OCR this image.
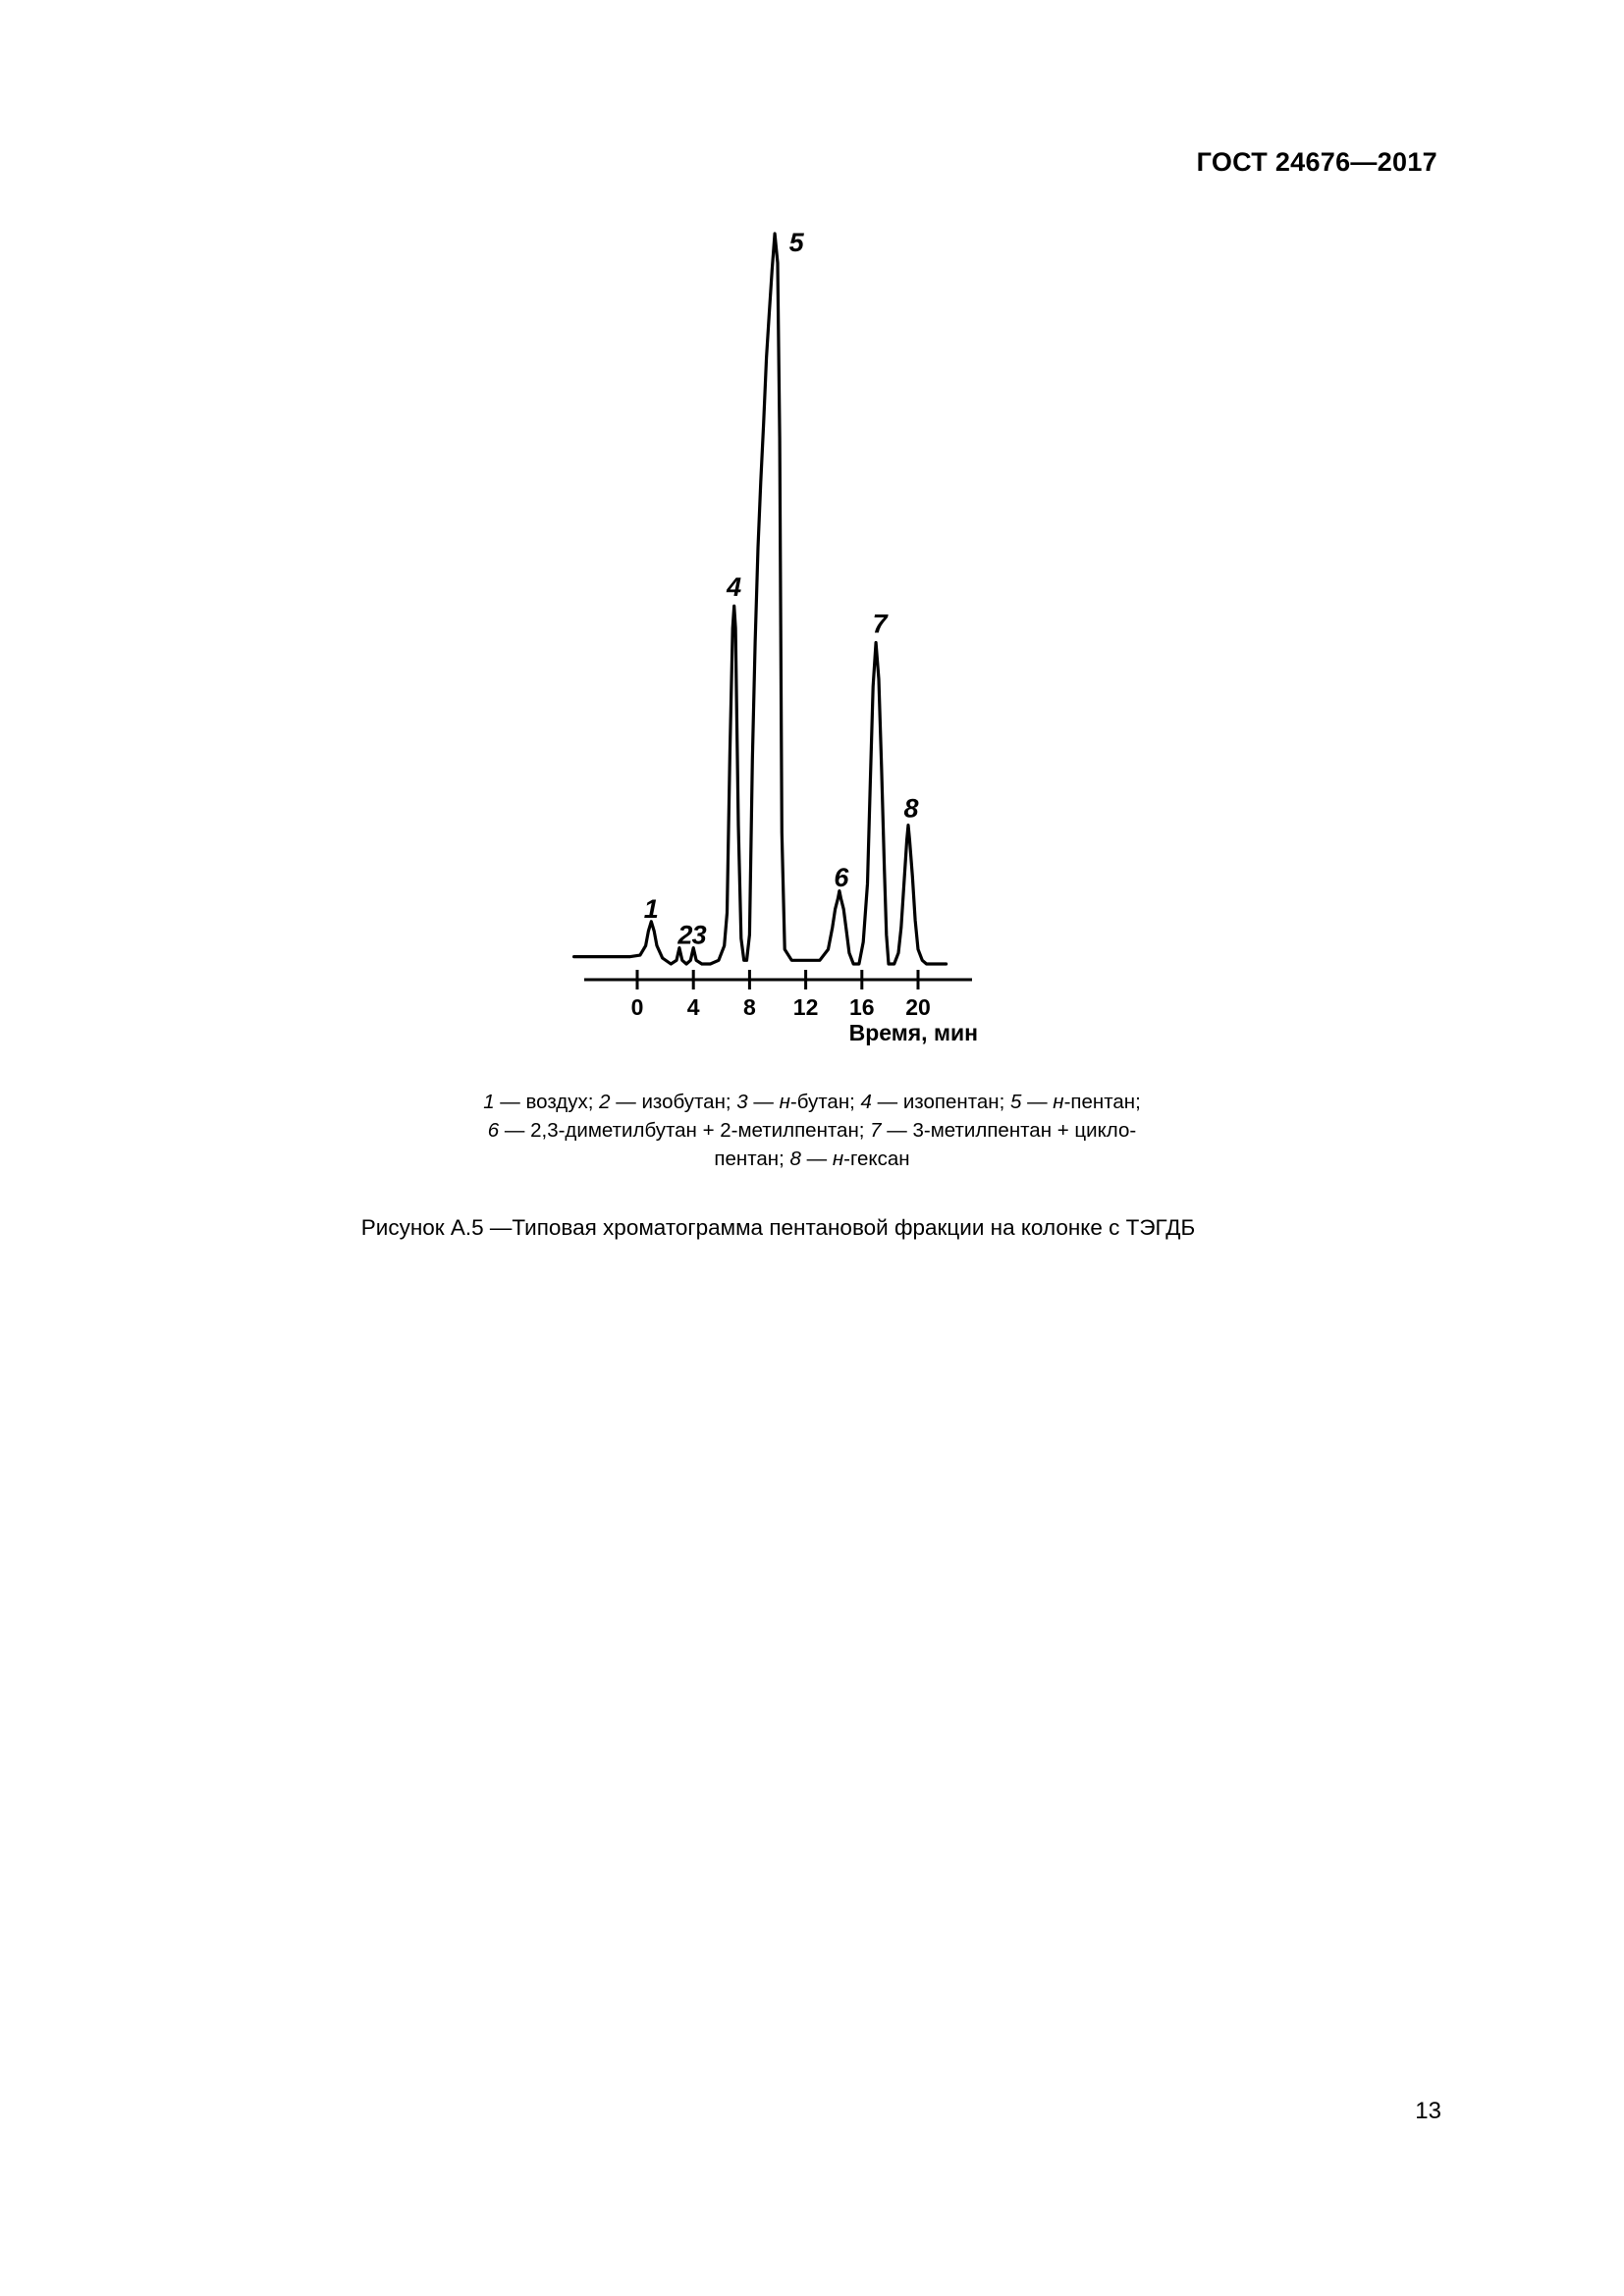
ГОСТ 24676—2017
0 4 8 12 16 20
Время, мин
1
2 3
4
5
6
7
8
1 — воздух; 2 — изобутан; 3 — н-бутан; 4 — изопентан; 5 — н-пентан;
6 — 2,3-диметилбутан + 2-метилпентан; 7 — 3-метилпентан + цикло-
пентан; 8 — н-гексан
Рисунок А.5 —Типовая хроматограмма пентановой фракции на колонке с ТЭГДБ
13
